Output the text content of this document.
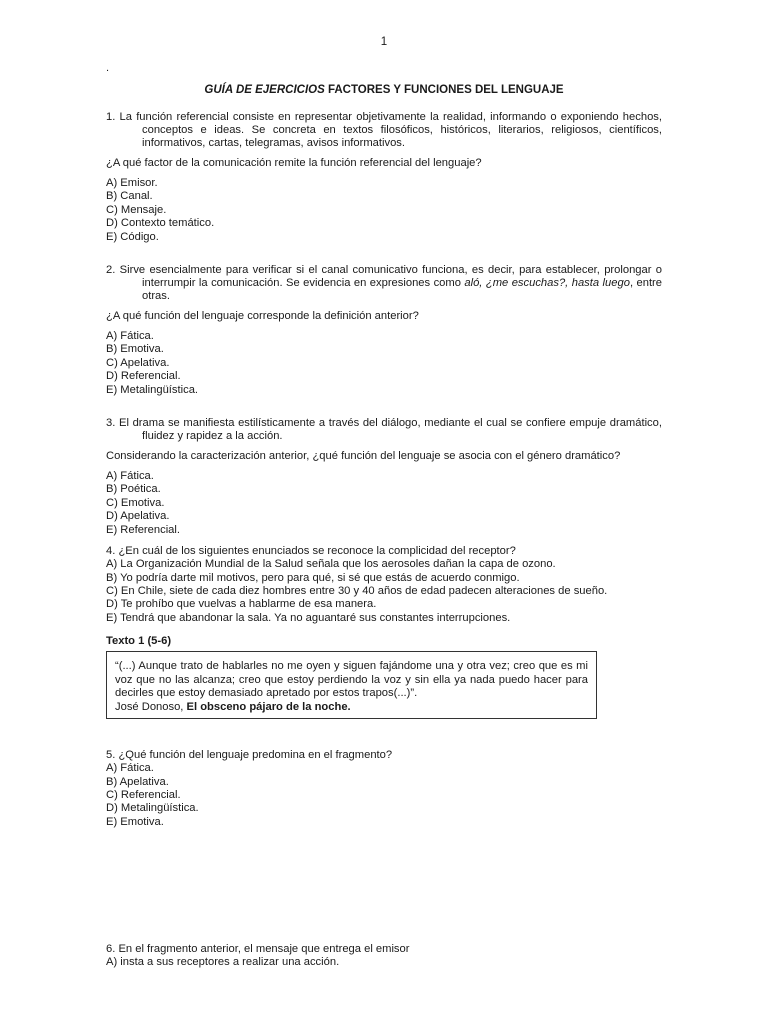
1
.

GUÍA DE EJERCICIOS FACTORES Y FUNCIONES DEL LENGUAJE

1. La función referencial consiste en representar objetivamente la realidad, informando o exponiendo hechos, conceptos e ideas. Se concreta en textos filosóficos, históricos, literarios, religiosos, científicos, informativos, cartas, telegramas, avisos informativos.

¿A qué factor de la comunicación remite la función referencial del lenguaje?

A) Emisor.

B) Canal.

C) Mensaje.

D) Contexto temático.

E) Código.

2. Sirve esencialmente para verificar si el canal comunicativo funciona, es decir, para establecer, prolongar o interrumpir la comunicación. Se evidencia en expresiones como aló, ¿me escuchas?, hasta luego, entre otras.

¿A qué función del lenguaje corresponde la definición anterior?

A) Fática.

B) Emotiva.

C) Apelativa.

D) Referencial.

E) Metalingüística.

3. El drama se manifiesta estilísticamente a través del diálogo, mediante el cual se confiere empuje dramático, fluidez y rapidez a la acción.

Considerando la caracterización anterior, ¿qué función del lenguaje se asocia con el género dramático?

A) Fática.

B) Poética.

C) Emotiva.

D) Apelativa.

E) Referencial.

4. ¿En cuál de los siguientes enunciados se reconoce la complicidad del receptor?

A) La Organización Mundial de la Salud señala que los aerosoles dañan la capa de ozono.

B) Yo podría darte mil motivos, pero para qué, si sé que estás de acuerdo conmigo.

C) En Chile, siete de cada diez hombres entre 30 y 40 años de edad padecen alteraciones de sueño.

D) Te prohíbo que vuelvas a hablarme de esa manera.

E) Tendrá que abandonar la sala. Ya no aguantaré sus constantes interrupciones.

Texto 1 (5-6)

“(...) Aunque trato de hablarles no me oyen y siguen fajándome una y otra vez; creo que es mi voz que no las alcanza; creo que estoy perdiendo la voz y sin ella ya nada puedo hacer para decirles que estoy demasiado apretado por estos trapos(...)”.

José Donoso, El obsceno pájaro de la noche.

5. ¿Qué función del lenguaje predomina en el fragmento?

A) Fática.

B) Apelativa.

C) Referencial.

D) Metalingüística.

E) Emotiva.

6. En el fragmento anterior, el mensaje que entrega el emisor

A) insta a sus receptores a realizar una acción.
